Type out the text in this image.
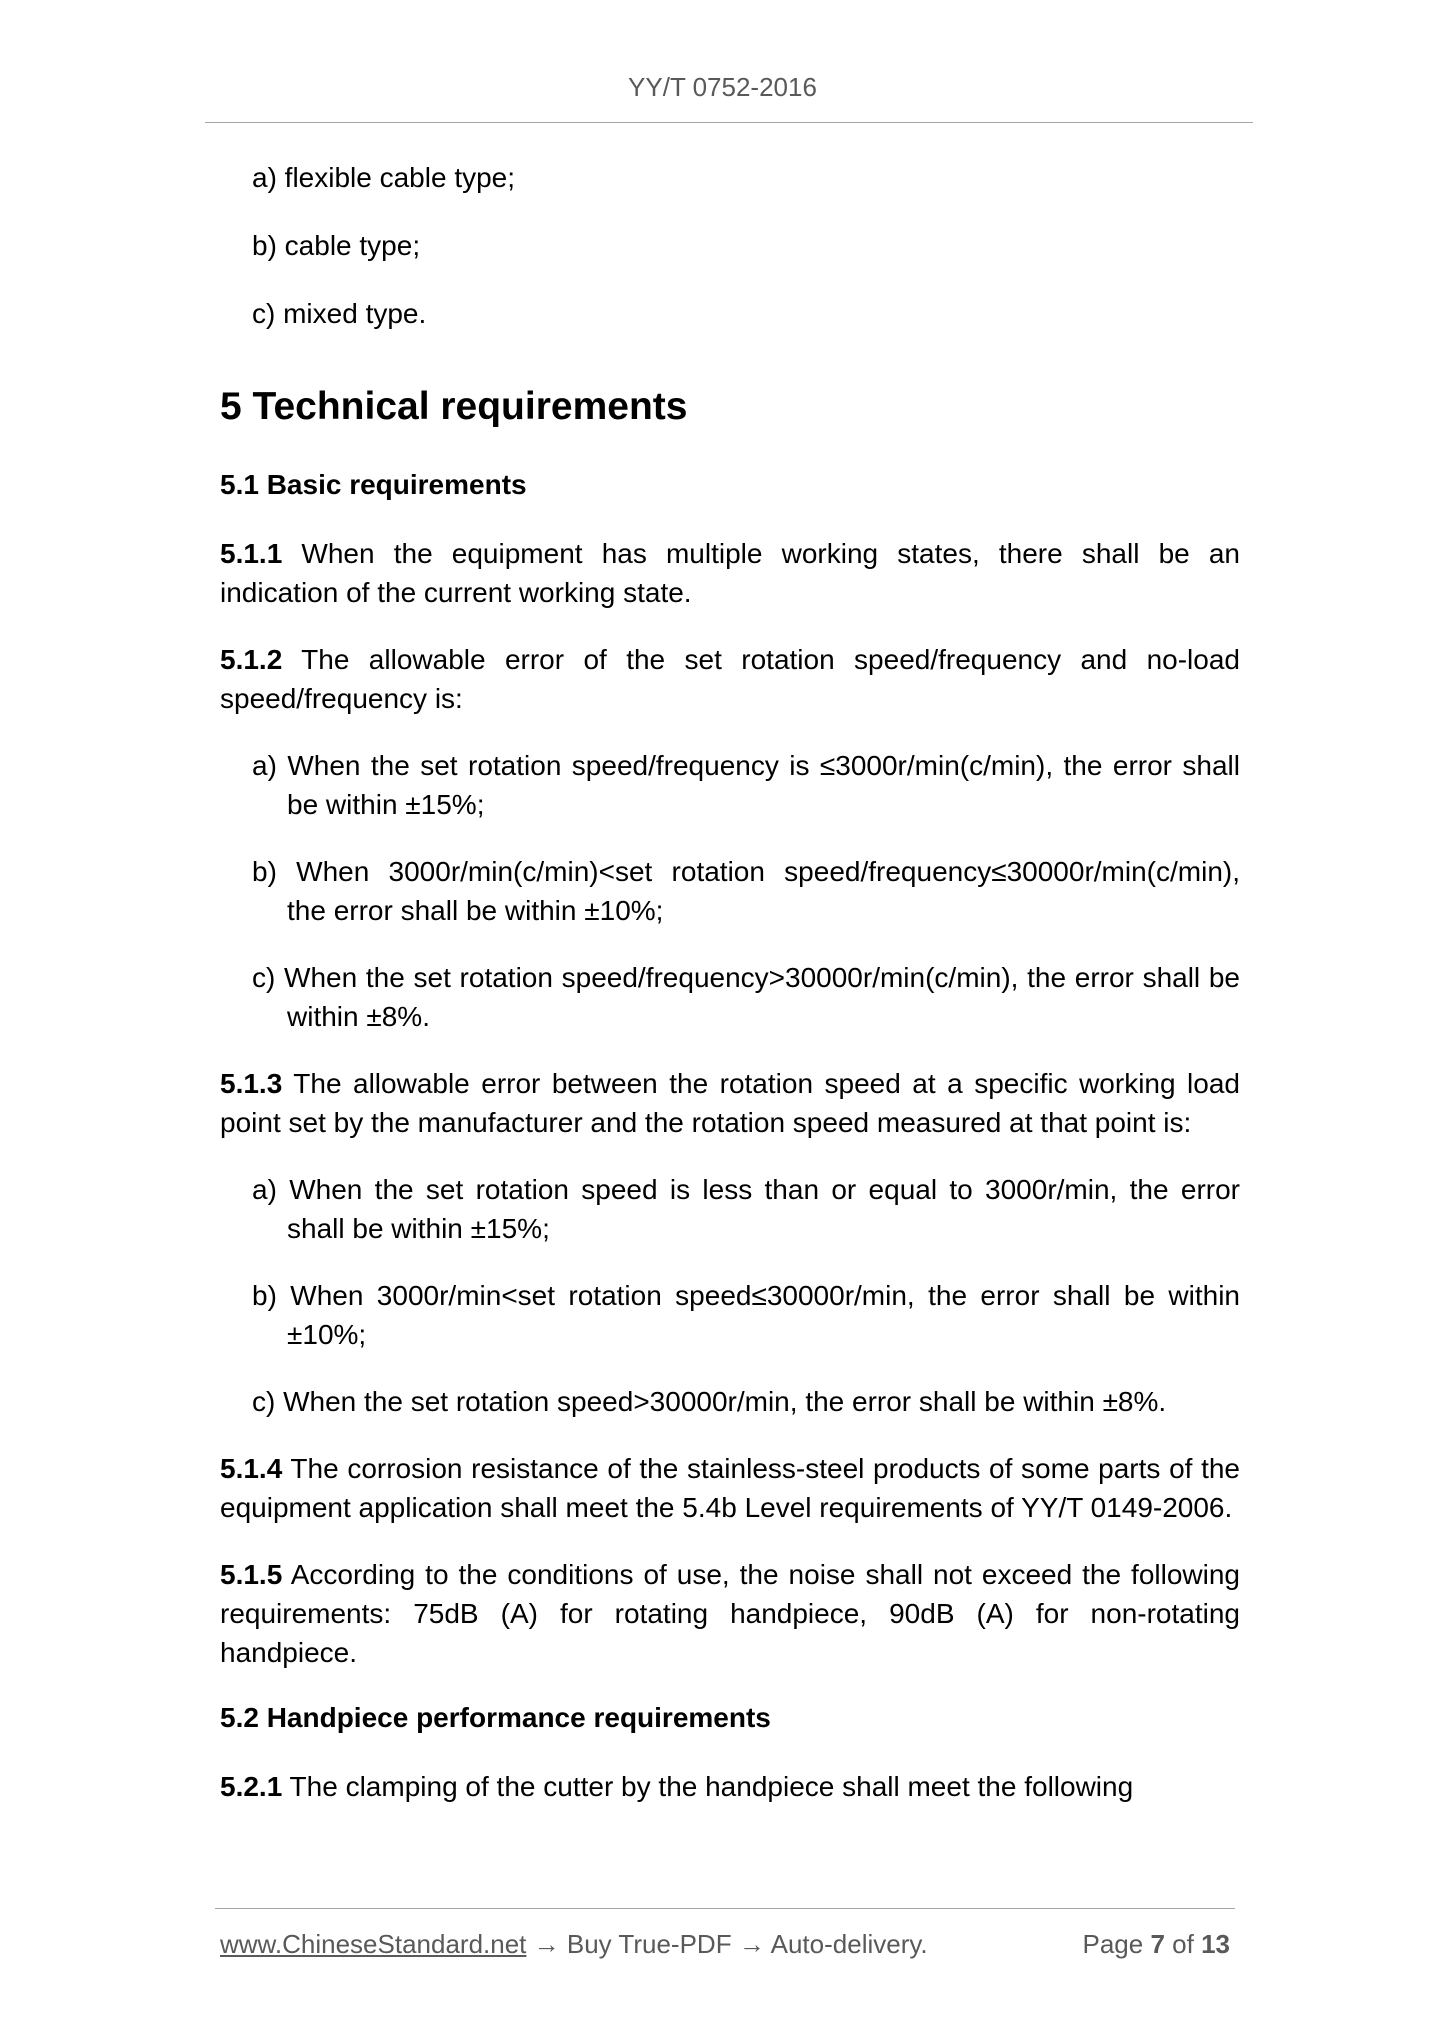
YY/T 0752-2016
a) flexible cable type;
b) cable type;
c) mixed type.
5 Technical requirements
5.1 Basic requirements

5.1.1 When the equipment has multiple working states, there shall be an indication of the current working state.

5.1.2 The allowable error of the set rotation speed/frequency and no-load speed/frequency is:

a) When the set rotation speed/frequency is ≤3000r/min(c/min), the error shall be within ±15%;
b) When 3000r/min(c/min)<set rotation speed/frequency≤30000r/min(c/min), the error shall be within ±10%;
c) When the set rotation speed/frequency>30000r/min(c/min), the error shall be within ±8%.

5.1.3 The allowable error between the rotation speed at a specific working load point set by the manufacturer and the rotation speed measured at that point is:

a) When the set rotation speed is less than or equal to 3000r/min, the error shall be within ±15%;
b) When 3000r/min<set rotation speed≤30000r/min, the error shall be within ±10%;
c) When the set rotation speed>30000r/min, the error shall be within ±8%.

5.1.4 The corrosion resistance of the stainless-steel products of some parts of the equipment application shall meet the 5.4b Level requirements of YY/T 0149-2006.

5.1.5 According to the conditions of use, the noise shall not exceed the following requirements: 75dB (A) for rotating handpiece, 90dB (A) for non-rotating handpiece.

5.2 Handpiece performance requirements

5.2.1 The clamping of the cutter by the handpiece shall meet the following

www.ChineseStandard.net → Buy True-PDF → Auto-delivery.	Page 7 of 13
